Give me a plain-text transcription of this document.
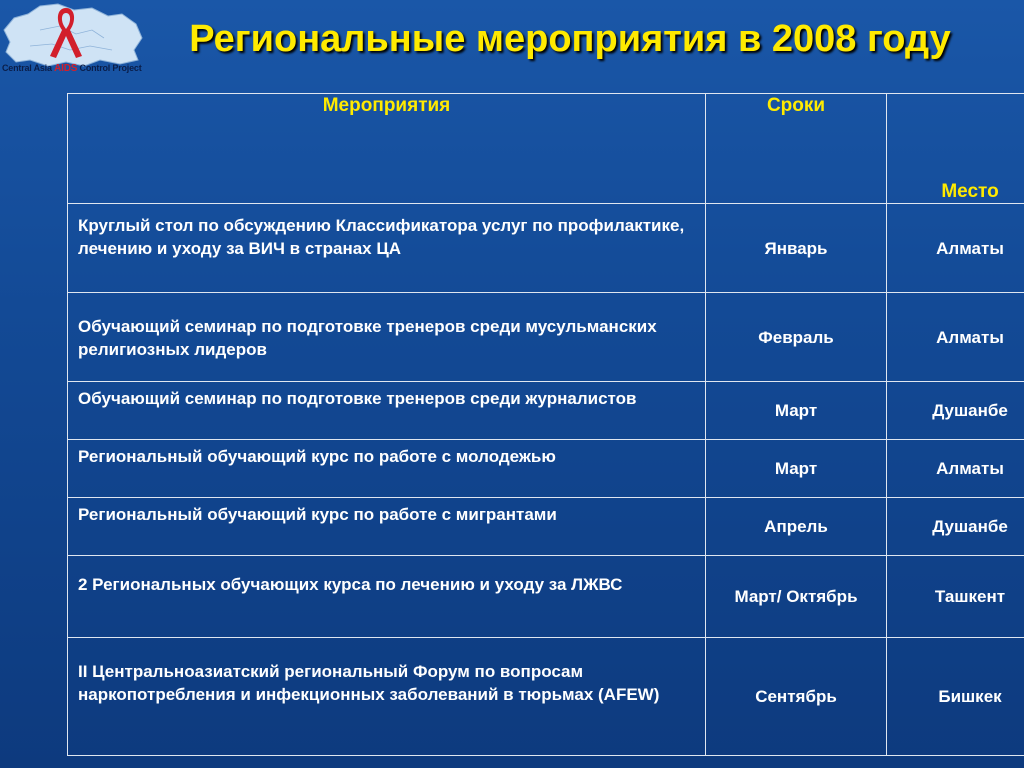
Central Asia AIDS Control Project
Региональные мероприятия в 2008 году
Мероприятия	Сроки	Место
Круглый стол по обсуждению Классификатора услуг по профилактике, лечению и уходу за ВИЧ в странах ЦА	Январь	Алматы
Обучающий семинар по подготовке тренеров среди мусульманских религиозных лидеров	Февраль	Алматы
Обучающий семинар по подготовке тренеров среди журналистов	Март	Душанбе
Региональный обучающий курс по работе с молодежью	Март	Алматы
Региональный обучающий курс по работе с мигрантами	Апрель	Душанбе
2 Региональных обучающих курса по лечению и уходу за ЛЖВС	Март/ Октябрь	Ташкент
II Центральноазиатский региональный Форум по вопросам наркопотребления и инфекционных заболеваний в тюрьмах (AFEW)	Сентябрь	Бишкек
